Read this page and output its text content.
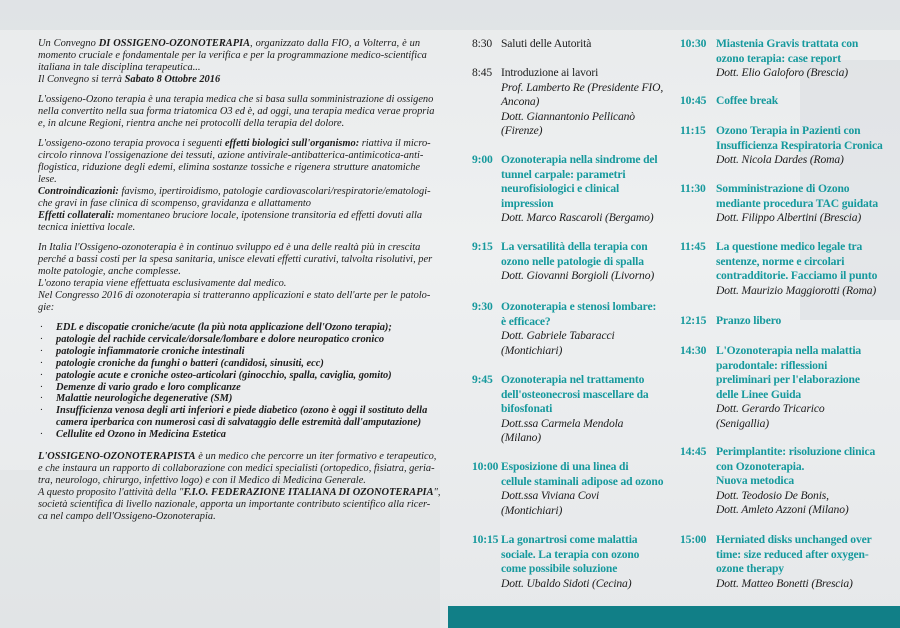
Un Convegno DI OSSIGENO-OZONOTERAPIA, organizzato dalla FIO, a Volterra, è un
momento cruciale e fondamentale per la verifica e per la programmazione medico-scientifica
italiana in tale disciplina terapeutica...
Il Convegno si terrà Sabato 8 Ottobre 2016
L'ossigeno-Ozono terapia è una terapia medica che si basa sulla somministrazione di ossigeno
nella convertito nella sua forma triatomica O3 ed è, ad oggi, una terapia medica verae propria
e, in alcune Regioni, rientra anche nei protocolli della terapia del dolore.
L'ossigeno-ozono terapia provoca i seguenti effetti biologici sull'organismo: riattiva il micro-
circolo rinnova l'ossigenazione dei tessuti, azione antivirale-antibatterica-antimicotica-anti-
flogistica, riduzione degli edemi, elimina sostanze tossiche e rigenera strutture anatomiche
lese.
Controindicazioni: favismo, ipertiroidismo, patologie cardiovascolari/respiratorie/ematologi-
che gravi in fase clinica di scompenso, gravidanza e allattamento
Effetti collaterali: momentaneo bruciore locale, ipotensione transitoria ed effetti dovuti alla
tecnica iniettiva locale.
In Italia l'Ossigeno-ozonoterapia è in continuo sviluppo ed è una delle realtà più in crescita
perché a bassi costi per la spesa sanitaria, unisce elevati effetti curativi, talvolta risolutivi, per
molte patologie, anche complesse.
L'ozono terapia viene effettuata esclusivamente dal medico.
Nel Congresso 2016 di ozonoterapia si tratteranno applicazioni e stato dell'arte per le patolo-
gie:
· EDL e discopatie croniche/acute (la più nota applicazione dell'Ozono terapia);
· patologie del rachide cervicale/dorsale/lombare e dolore neuropatico cronico
· patologie infiammatorie croniche intestinali
· patologie croniche da funghi o batteri (candidosi, sinusiti, ecc)
· patologie acute e croniche osteo-articolari (ginocchio, spalla, caviglia, gomito)
· Demenze di vario grado e loro complicanze
· Malattie neurologiche degenerative (SM)
· Insufficienza venosa degli arti inferiori e piede diabetico (ozono è oggi il sostituto della
camera iperbarica con numerosi casi di salvataggio delle estremità dall'amputazione)
· Cellulite ed Ozono in Medicina Estetica
L'OSSIGENO-OZONOTERAPISTA è un medico che percorre un iter formativo e terapeutico,
e che instaura un rapporto di collaborazione con medici specialisti (ortopedico, fisiatra, geria-
tra, neurologo, chirurgo, infettivo logo) e con il Medico di Medicina Generale.
A questo proposito l'attività della "F.I.O. FEDERAZIONE ITALIANA DI OZONOTERAPIA",
società scientifica di livello nazionale, apporta un importante contributo scientifico alla ricer-
ca nel campo dell'Ossigeno-Ozonoterapia.
8:30 Saluti delle Autorità
8:45 Introduzione ai lavori
Prof. Lamberto Re (Presidente FIO,
Ancona)
Dott. Giannantonio Pellicanò
(Firenze)
9:00 Ozonoterapia nella sindrome del
tunnel carpale: parametri
neurofisiologici e clinical
impression
Dott. Marco Rascaroli (Bergamo)
9:15 La versatilità della terapia con
ozono nelle patologie di spalla
Dott. Giovanni Borgioli (Livorno)
9:30 Ozonoterapia e stenosi lombare:
è efficace?
Dott. Gabriele Tabaracci
(Montichiari)
9:45 Ozonoterapia nel trattamento
dell'osteonecrosi mascellare da
bifosfonati
Dott.ssa Carmela Mendola
(Milano)
10:00 Esposizione di una linea di
cellule staminali adipose ad ozono
Dott.ssa Viviana Covi
(Montichiari)
10:15 La gonartrosi come malattia
sociale. La terapia con ozono
come possibile soluzione
Dott. Ubaldo Sidoti (Cecina)
10:30 Miastenia Gravis trattata con
ozono terapia: case report
Dott. Elio Galoforo (Brescia)
10:45 Coffee break
11:15 Ozono Terapia in Pazienti con
Insufficienza Respiratoria Cronica
Dott. Nicola Dardes (Roma)
11:30 Somministrazione di Ozono
mediante procedura TAC guidata
Dott. Filippo Albertini (Brescia)
11:45 La questione medico legale tra
sentenze, norme e circolari
contradditorie. Facciamo il punto
Dott. Maurizio Maggiorotti (Roma)
12:15 Pranzo libero
14:30 L'Ozonoterapia nella malattia
parodontale: riflessioni
preliminari per l'elaborazione
delle Linee Guida
Dott. Gerardo Tricarico
(Senigallia)
14:45 Perimplantite: risoluzione clinica
con Ozonoterapia.
Nuova metodica
Dott. Teodosio De Bonis,
Dott. Amleto Azzoni (Milano)
15:00 Herniated disks unchanged over
time: size reduced after oxygen-
ozone therapy
Dott. Matteo Bonetti (Brescia)
